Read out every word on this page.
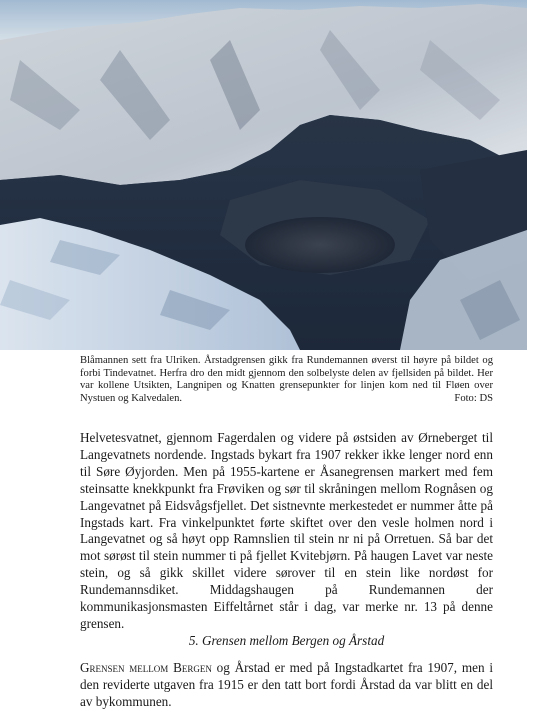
Blåmannen sett fra Ulriken. Årstadgrensen gikk fra Rundemannen øverst til høyre på bildet og forbi Tindevatnet. Herfra dro den midt gjennom den solbelyste delen av fjellsiden på bildet. Her var kollene Utsikten, Langnipen og Knatten grensepunkter for linjen kom ned til Fløen over Nystuen og Kalvedalen.	Foto: DS
Helvetesvatnet, gjennom Fagerdalen og videre på østsiden av Ørneberget til Langevatnets nordende. Ingstads bykart fra 1907 rekker ikke lenger nord enn til Søre Øyjorden. Men på 1955-kartene er Åsanegrensen markert med fem steinsatte knekkpunkt fra Frøviken og sør til skråningen mellom Rognåsen og Langevatnet på Eidsvågsfjellet. Det sistnevnte merkestedet er nummer åtte på Ingstads kart. Fra vinkelpunktet førte skiftet over den vesle holmen nord i Langevatnet og så høyt opp Ramnslien til stein nr ni på Orretuen. Så bar det mot sørøst til stein nummer ti på fjellet Kvitebjørn. På haugen Lavet var neste stein, og så gikk skillet videre sørover til en stein like nordøst for Rundemannsdiket. Middagshaugen på Rundemannen der kommunikasjonsmasten Eiffeltårnet står i dag, var merke nr. 13 på denne grensen.
5. Grensen mellom Bergen og Årstad
Grensen mellom Bergen og Årstad er med på Ingstadkartet fra 1907, men i den reviderte utgaven fra 1915 er den tatt bort fordi Årstad da var blitt en del av bykommunen.
